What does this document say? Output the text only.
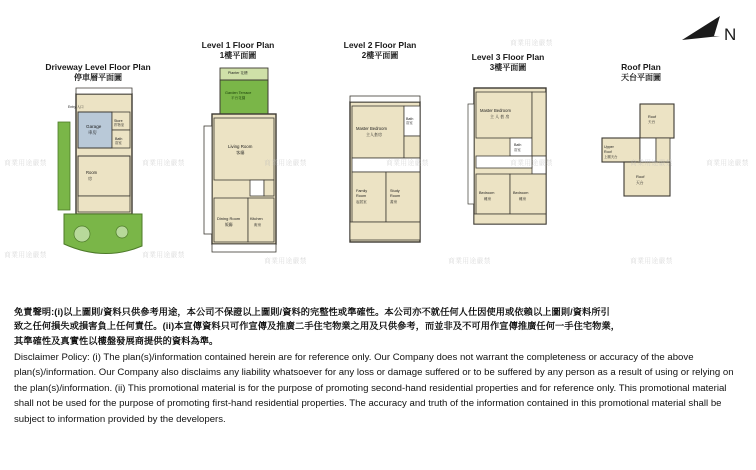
N
Driveway Level Floor Plan
停車層平面圖
Level 1 Floor Plan
1樓平面圖
Level 2 Floor Plan
2樓平面圖	Level 3 Floor Plan
3樓平面圖	Roof Plan
天台平面圖
Garage
車房
Store
貯物室
Bath
浴室
Room
房
Entry 入口
Planter 花槽
Garden Terrace
平台花園
Living Room
客廳
Dining Room
飯廳
Kitchen
廚房
Master Bedroom
主人套房
Bath
浴室
Family
Room
起居室
Study
Room
書房
Master Bedroom
主 人 套 房
Bath
浴室
Bedroom
睡房
Bedroom
睡房
Roof
天台
Upper
Roof
上層天台
Roof
天台
商業用途嚴禁
商業用途嚴禁
商業用途嚴禁
商業用途嚴禁
商業用途嚴禁
商業用途嚴禁
商業用途嚴禁
商業用途嚴禁
商業用途嚴禁
商業用途嚴禁
商業用途嚴禁	商業用途嚴禁
商業用途嚴禁
免責聲明:(i)以上圖則/資料只供參考用途，本公司不保證以上圖則/資料的完整性或準確性。本公司亦不就任何人仕因使用或依賴以上圖則/資料所引
致之任何損失或損害負上任何責任。(ii)本宣傳資料只可作宣傳及推廣二手住宅物業之用及只供參考，而並非及不可用作宣傳推廣任何一手住宅物業，
其準確性及真實性以樓盤發展商提供的資料為準。
Disclaimer Policy: (i) The plan(s)/information contained herein are for reference only. Our Company does not warrant the completeness or accuracy of the above plan(s)/information. Our Company also disclaims any liability whatsoever for any loss or damage suffered or to be suffered by any person as a result of using or relying on the plan(s)/information. (ii) This promotional material is for the purpose of promoting second-hand residential properties and for reference only. This promotional material shall not be used for the purpose of promoting first-hand residential properties. The accuracy and truth of the information contained in this promotional material shall be subject to information provided by the developers.
